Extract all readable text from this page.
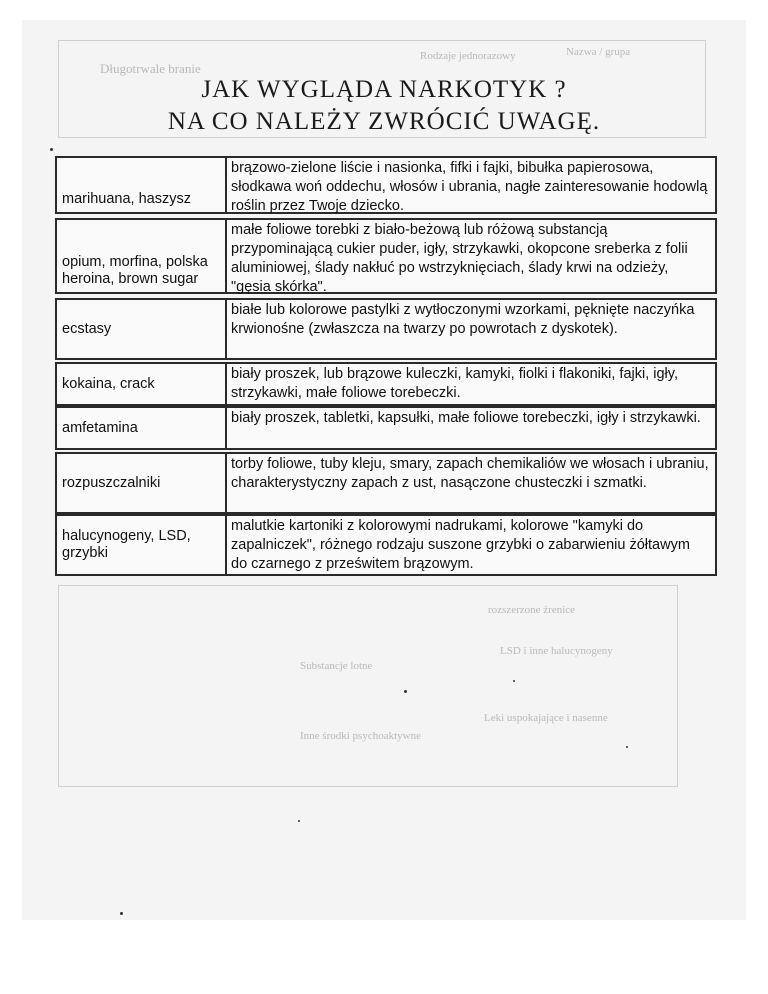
Nazwa / grupa
Rodzaje jednorazowy
Długotrwale branie
rozszerzone źrenice
LSD i inne halucynogeny
Substancje lotne
Leki uspokajające i nasenne
Inne środki psychoaktywne
JAK WYGLĄDA NARKOTYK ?
NA CO NALEŻY ZWRÓCIĆ UWAGĘ.
marihuana, haszysz
brązowo-zielone liście i nasionka, fifki i fajki, bibułka papierosowa, słodkawa woń oddechu, włosów i ubrania, nagłe zainteresowanie hodowlą roślin przez Twoje dziecko.
opium, morfina, polska heroina, brown sugar
małe foliowe torebki z biało-beżową lub różową substancją przypominającą cukier puder, igły, strzykawki, okopcone sreberka z folii aluminiowej, ślady nakłuć po wstrzyknięciach, ślady krwi na odzieży, "gęsia skórka".
ecstasy
białe lub kolorowe pastylki z wytłoczonymi wzorkami, pęknięte naczyńka krwionośne (zwłaszcza na twarzy po powrotach z dyskotek).
kokaina, crack
biały proszek, lub brązowe kuleczki, kamyki, fiolki i flakoniki, fajki, igły, strzykawki, małe foliowe torebeczki.
amfetamina
biały proszek, tabletki, kapsułki, małe foliowe torebeczki, igły i strzykawki.
rozpuszczalniki
torby foliowe, tuby kleju, smary, zapach chemikaliów we włosach i ubraniu, charakterystyczny zapach z ust, nasączone chusteczki i szmatki.
halucynogeny, LSD, grzybki
malutkie kartoniki z kolorowymi nadrukami, kolorowe "kamyki do zapalniczek", różnego rodzaju suszone grzybki o zabarwieniu żółtawym do czarnego z prześwitem brązowym.
